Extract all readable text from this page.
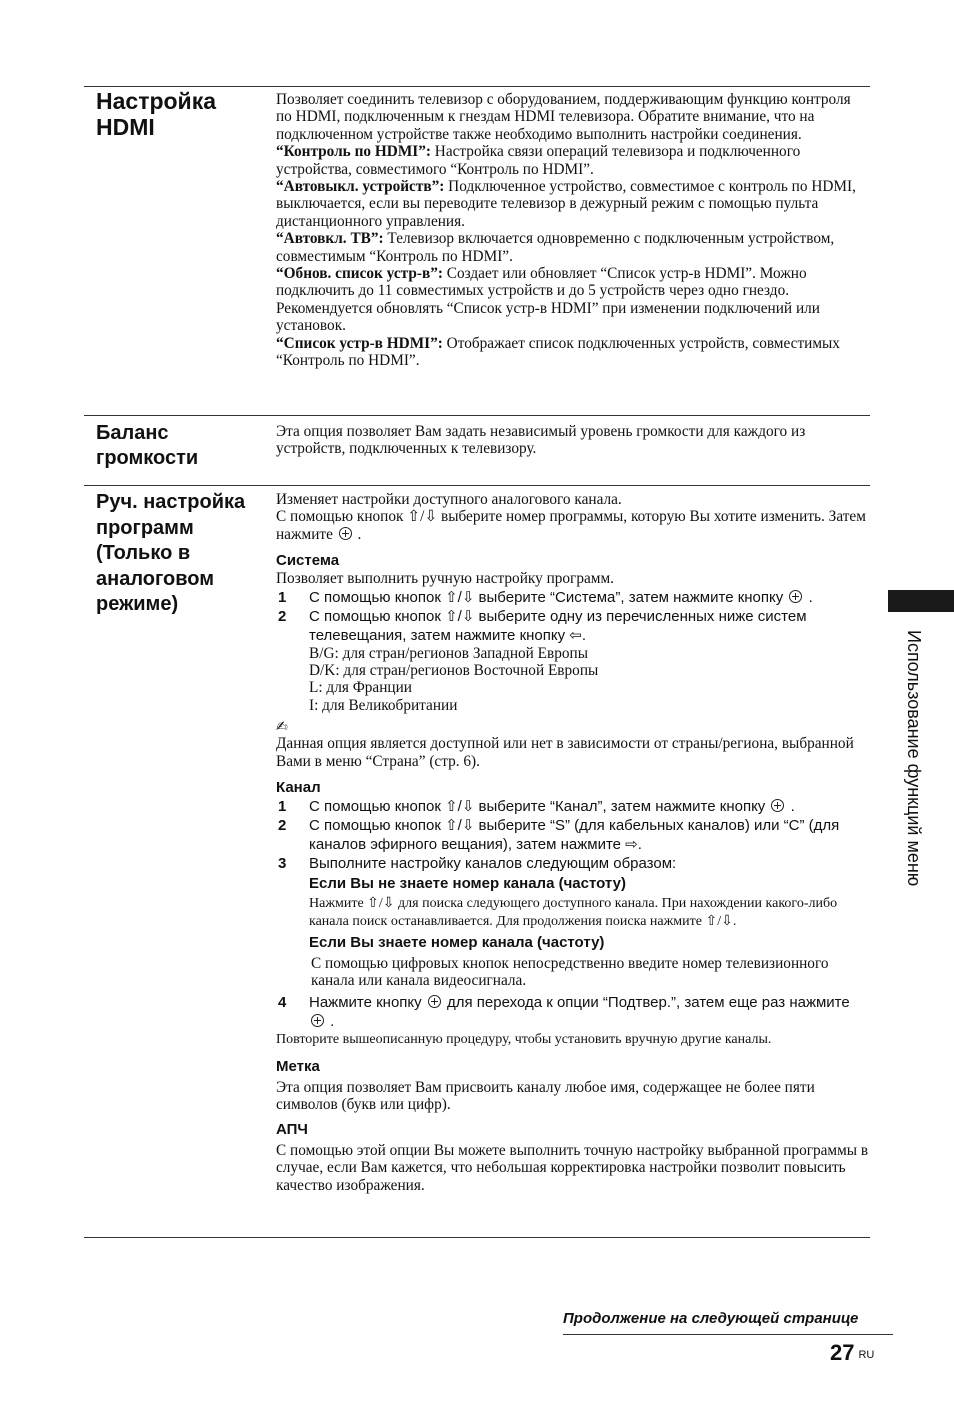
Настройка
HDMI

Позволяет соединить телевизор с оборудованием, поддерживающим функцию контроля по HDMI, подключенным к гнездам HDMI телевизора. Обратите внимание, что на подключенном устройстве также необходимо выполнить настройки соединения.

“Контроль по HDMI”: Настройка связи операций телевизора и подключенного устройства, совместимого “Контроль по HDMI”.

“Автовыкл. устройств”: Подключенное устройство, совместимое с контроль по HDMI, выключается, если вы переводите телевизор в дежурный режим с помощью пульта дистанционного управления.

“Автовкл. ТВ”: Телевизор включается одновременно с подключенным устройством, совместимым “Контроль по HDMI”.

“Обнов. список устр-в”: Создает или обновляет “Список устр-в HDMI”. Можно подключить до 11 совместимых устройств и до 5 устройств через одно гнездо. Рекомендуется обновлять “Список устр-в HDMI” при изменении подключений или установок.

“Список устр-в HDMI”: Отображает список подключенных устройств, совместимых “Контроль по HDMI”.

Баланс
громкости

Эта опция позволяет Вам задать независимый уровень громкости для каждого из устройств, подключенных к телевизору.

Руч. настройка
программ
(Только в
аналоговом
режиме)

Изменяет настройки доступного аналогового канала.

С помощью кнопок ⇧/⇩ выберите номер программы, которую Вы хотите изменить. Затем нажмите .

Система

Позволяет выполнить ручную настройку программ.

1 С помощью кнопок ⇧/⇩ выберите “Система”, затем нажмите кнопку .

2 С помощью кнопок ⇧/⇩ выберите одну из перечисленных ниже систем телевещания, затем нажмите кнопку ⇦.

B/G: для стран/регионов Западной Европы

D/K: для стран/регионов Восточной Европы

L: для Франции

I: для Великобритании

✍

Данная опция является доступной или нет в зависимости от страны/региона, выбранной Вами в меню “Страна” (стр. 6).

Канал

1 С помощью кнопок ⇧/⇩ выберите “Канал”, затем нажмите кнопку .

2 С помощью кнопок ⇧/⇩ выберите “S” (для кабельных каналов) или “C” (для каналов эфирного вещания), затем нажмите ⇨.

3 Выполните настройку каналов следующим образом:

Если Вы не знаете номер канала (частоту)

Нажмите ⇧/⇩ для поиска следующего доступного канала. При нахождении какого-либо канала поиск останавливается. Для продолжения поиска нажмите ⇧/⇩.

Если Вы знаете номер канала (частоту)

С помощью цифровых кнопок непосредственно введите номер телевизионного канала или канала видеосигнала.

4 Нажмите кнопку для перехода к опции “Подтвер.”, затем еще раз нажмите  .

Повторите вышеописанную процедуру, чтобы установить вручную другие каналы.

Метка

Эта опция позволяет Вам присвоить каналу любое имя, содержащее не более пяти символов (букв или цифр).

АПЧ

С помощью этой опции Вы можете выполнить точную настройку выбранной программы в случае, если Вам кажется, что небольшая корректировка настройки позволит повысить качество изображения.

Использование функций меню
Продолжение на следующей странице
27 RU
